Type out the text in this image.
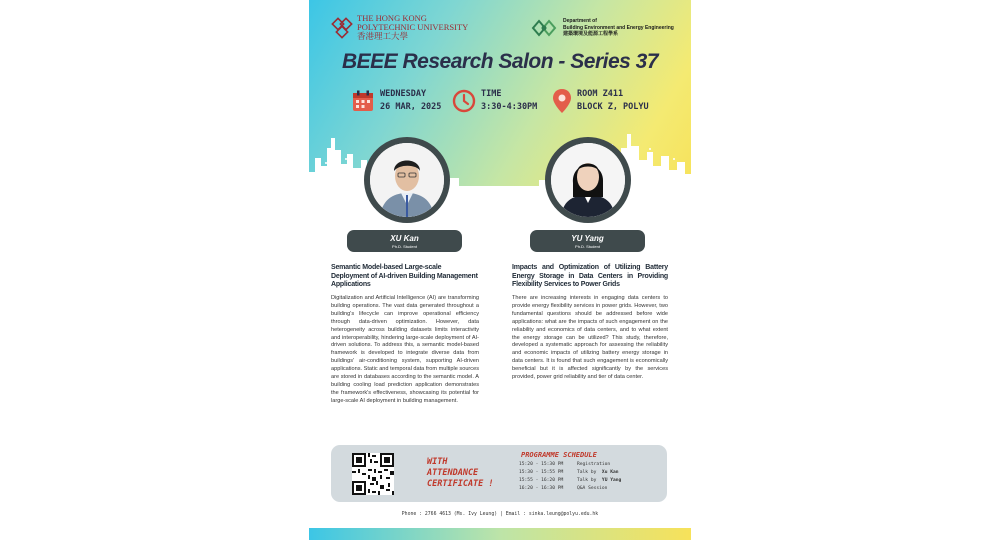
THE HONG KONG
POLYTECHNIC UNIVERSITY
香港理工大學
Department of
Building Environment and Energy Engineering
建築環境及能源工程學系
BEEE Research Salon - Series 37
WEDNESDAY
26 MAR, 2025
TIME
3:30-4:30PM
ROOM Z411
BLOCK Z, POLYU
XU Kan
Ph.D. Student
YU Yang
Ph.D. Student
Semantic Model-based Large-scale Deployment of AI-driven Building Management Applications
Impacts and Optimization of Utilizing Battery Energy Storage in Data Centers in Providing Flexibility Services to Power Grids
Digitalization and Artificial Intelligence (AI) are transforming building operations. The vast data generated throughout a building's lifecycle can improve operational efficiency through data-driven optimization. However, data heterogeneity across building datasets limits interactivity and interoperability, hindering large-scale deployment of AI-driven solutions. To address this, a semantic model-based framework is developed to integrate diverse data from buildings' air-conditioning system, supporting AI-driven applications. Static and temporal data from multiple sources are stored in databases according to the semantic model. A building cooling load prediction application demonstrates the framework's effectiveness, showcasing its potential for large-scale AI deployment in building management.
There are increasing interests in engaging data centers to provide energy flexibility services in power grids. However, two fundamental questions should be addressed before wide applications: what are the impacts of such engagement on the reliability and economics of data centers, and to what extent the energy storage can be utilized? This study, therefore, developed a systematic approach for assessing the reliability and economic impacts of utilizing battery energy storage in data centers. It is found that such engagement is economically beneficial but it is affected significantly by the services provided, power grid reliability and tier of data center.
WITH
ATTENDANCE
CERTIFICATE !
PROGRAMME SCHEDULE
15:20 - 15:30 PM	Registration
15:30 - 15:55 PM	Talk by  Xu Kan
15:55 - 16:20 PM	Talk by  YU Yang
16:20 - 16:30 PM	Q&A Session
Phone : 2766 4613 (Ms. Ivy Leung) | Email : sinka.leung@polyu.edu.hk
